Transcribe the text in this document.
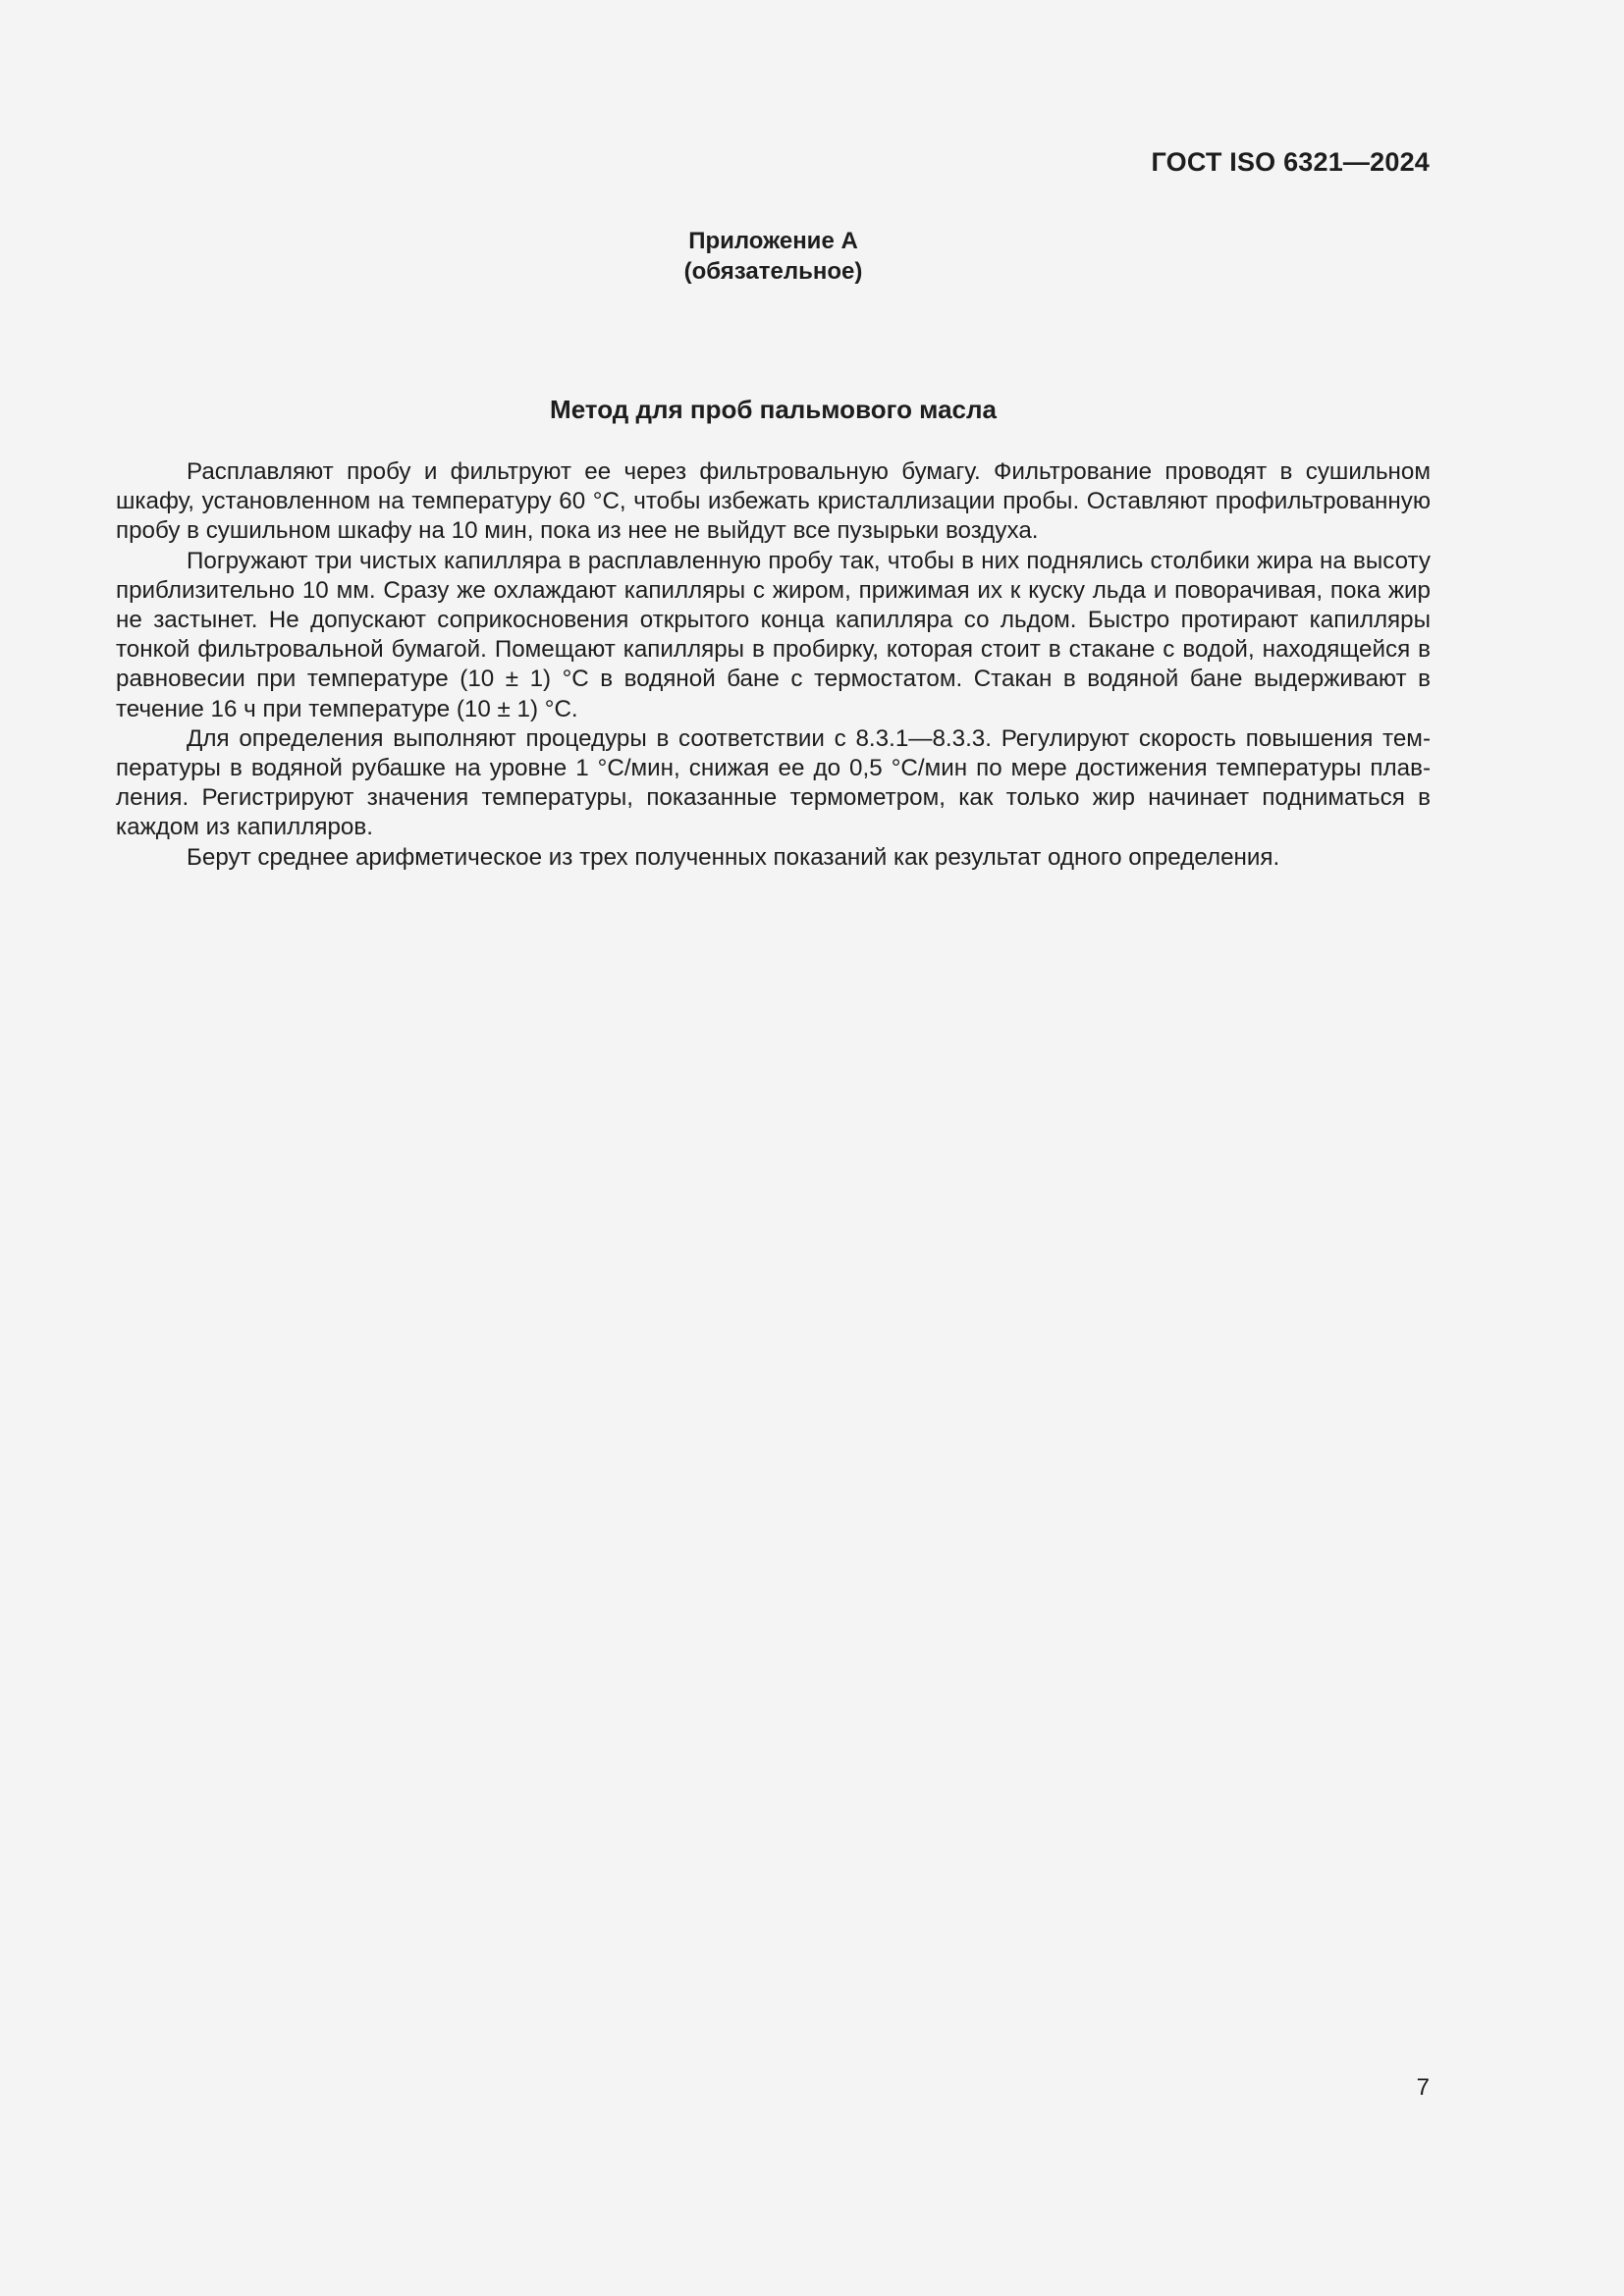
ГОСТ ISO 6321—2024
Приложение А
(обязательное)
Метод для проб пальмового масла

Расплавляют пробу и фильтруют ее через фильтровальную бумагу. Фильтрование проводят в сушильном шкафу, установленном на температуру 60 °С, чтобы избежать кристаллизации пробы. Оставляют профильтрованную пробу в сушильном шкафу на 10 мин, пока из нее не выйдут все пузырьки воздуха.

Погружают три чистых капилляра в расплавленную пробу так, чтобы в них поднялись столбики жира на высоту приблизительно 10 мм. Сразу же охлаждают капилляры с жиром, прижимая их к куску льда и поворачивая, пока жир не застынет. Не допускают соприкосновения открытого конца капилляра со льдом. Быстро протирают капилляры тонкой фильтровальной бумагой. Помещают капилляры в пробирку, которая стоит в стакане с водой, находящейся в равновесии при температуре (10 ± 1) °С в водяной бане с термостатом. Стакан в водяной бане выдерживают в течение 16 ч при температуре (10 ± 1) °С.

Для определения выполняют процедуры в соответствии с 8.3.1—8.3.3. Регулируют скорость повышения температуры в водяной рубашке на уровне 1 °С/мин, снижая ее до 0,5 °С/мин по мере достижения температуры плавления. Регистрируют значения температуры, показанные термометром, как только жир начинает подниматься в каждом из капилляров.

Берут среднее арифметическое из трех полученных показаний как результат одного определения.

7
